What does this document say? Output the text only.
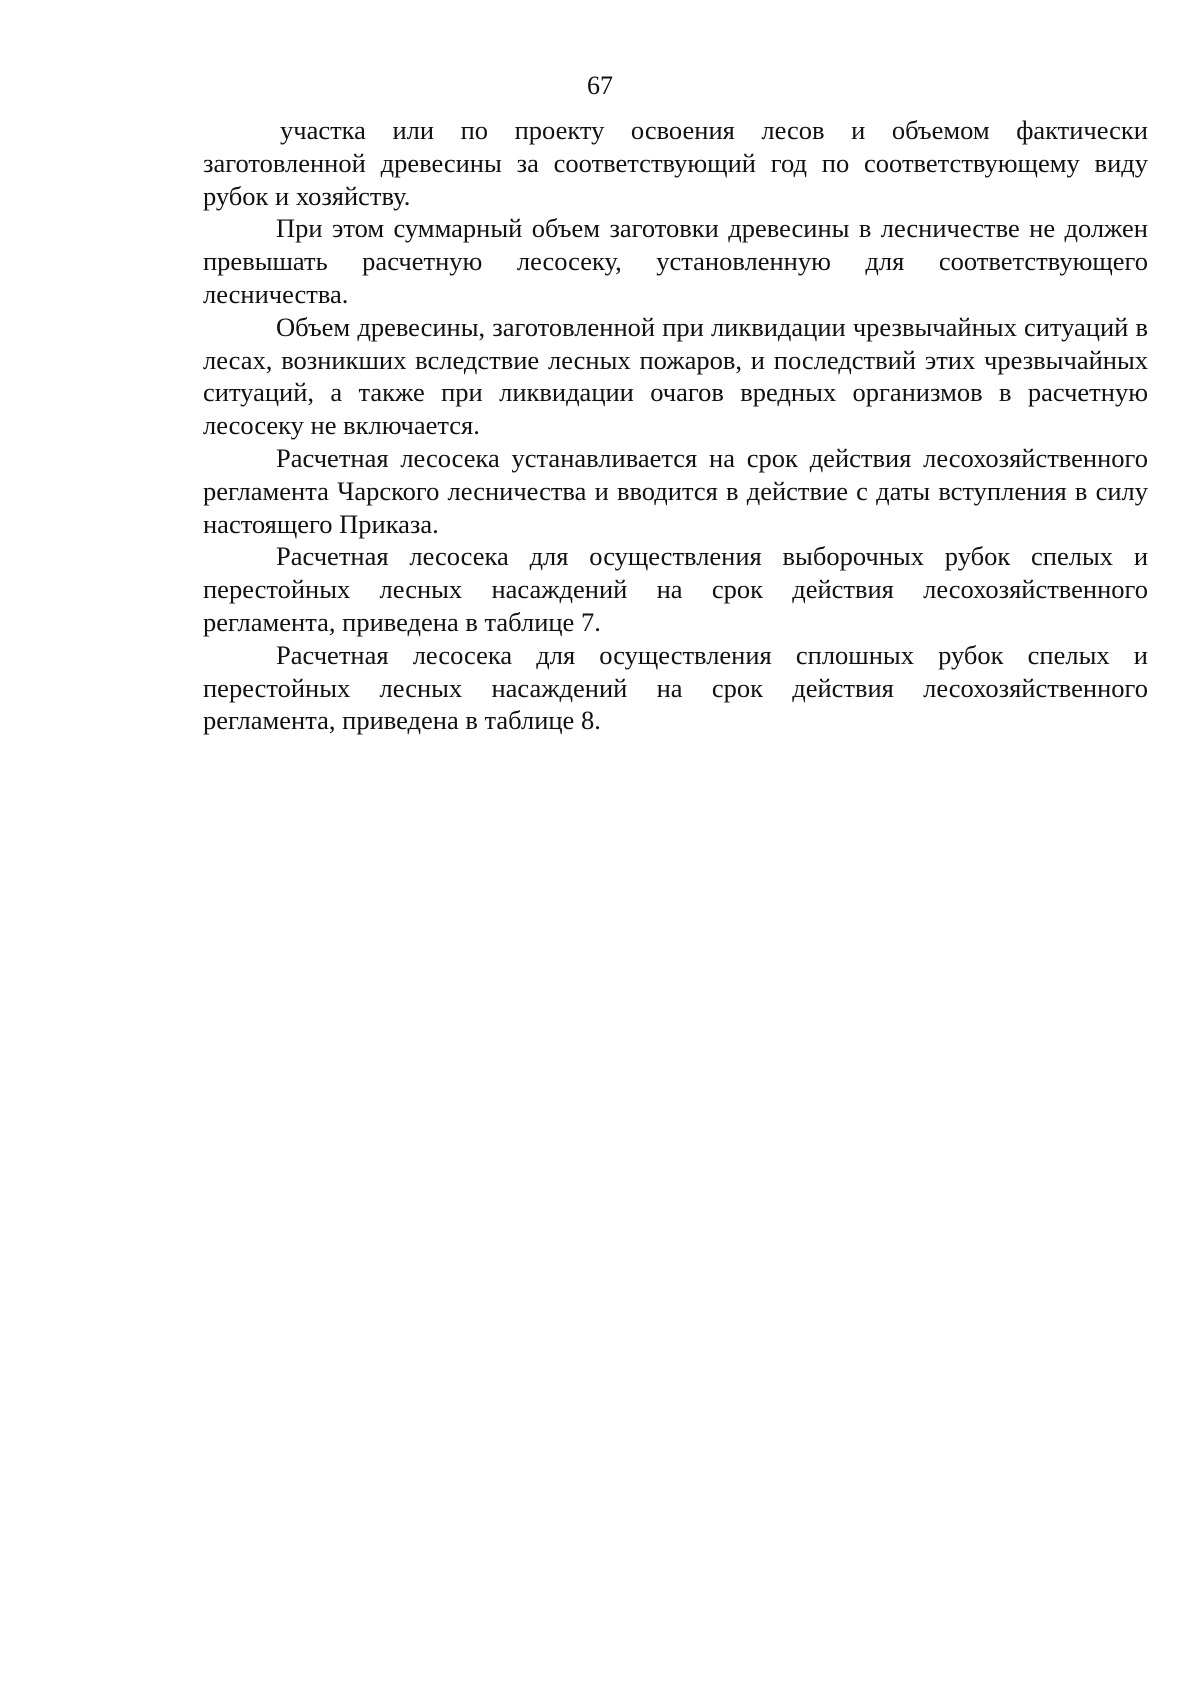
67

участка или по проекту освоения лесов и объемом фактически заготовленной древесины за соответствующий год по соответствующему виду рубок и хозяйству.

При этом суммарный объем заготовки древесины в лесничестве не должен превышать расчетную лесосеку, установленную для соответствующего лесничества.

Объем древесины, заготовленной при ликвидации чрезвычайных ситуаций в лесах, возникших вследствие лесных пожаров, и последствий этих чрезвычайных ситуаций, а также при ликвидации очагов вредных организмов в расчетную лесосеку не включается.

Расчетная лесосека устанавливается на срок действия лесохозяйственного регламента Чарского лесничества и вводится в действие с даты вступления в силу настоящего Приказа.

Расчетная лесосека для осуществления выборочных рубок спелых и перестойных лесных насаждений на срок действия лесохозяйственного регламента, приведена в таблице 7.

Расчетная лесосека для осуществления сплошных рубок спелых и перестойных лесных насаждений на срок действия лесохозяйственного регламента, приведена в таблице 8.
